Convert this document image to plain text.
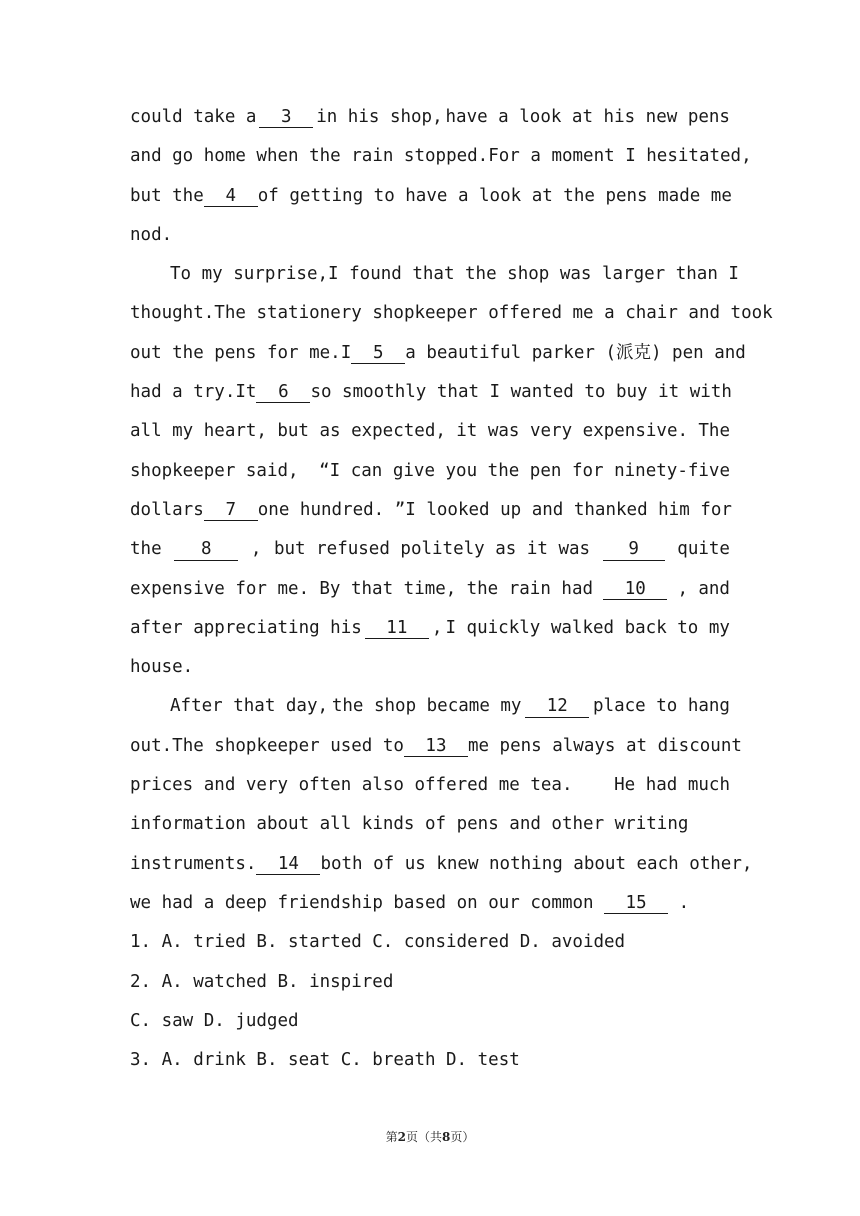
could take a	3	in his shop, have a look at his new pens
and go home when the rain stopped. For a moment I hesitated,
but the	4	of getting to have a look at the pens made me
nod.
To my surprise, I found that the shop was larger than I
thought. The stationery shopkeeper offered me a chair and took
out the pens for me. I	5	a beautiful parker (派克) pen and
had a try. It	6	so smoothly that I wanted to buy it with
all my heart, but as expected, it was very expensive. The
shopkeeper said, “I can give you the pen for ninety-five
dollars	7	one hundred. ” I looked up and thanked him for
the	8	, but refused politely as it was	9	quite
expensive for me. By that time, the rain had	10	, and
after appreciating his	11	, I quickly walked back to my
house.
After that day, the shop became my	12	place to hang
out. The shopkeeper used to	13	me pens always at discount
prices and very often also offered me tea. He had much
information about all kinds of pens and other writing
instruments.	14	both of us knew nothing about each other,
we had a deep friendship based on our common	15	.
1. A. tried B. started C. considered D. avoided
2. A. watched B. inspired
C. saw D. judged
3. A. drink B. seat C. breath D. test
第2页（共8页）
